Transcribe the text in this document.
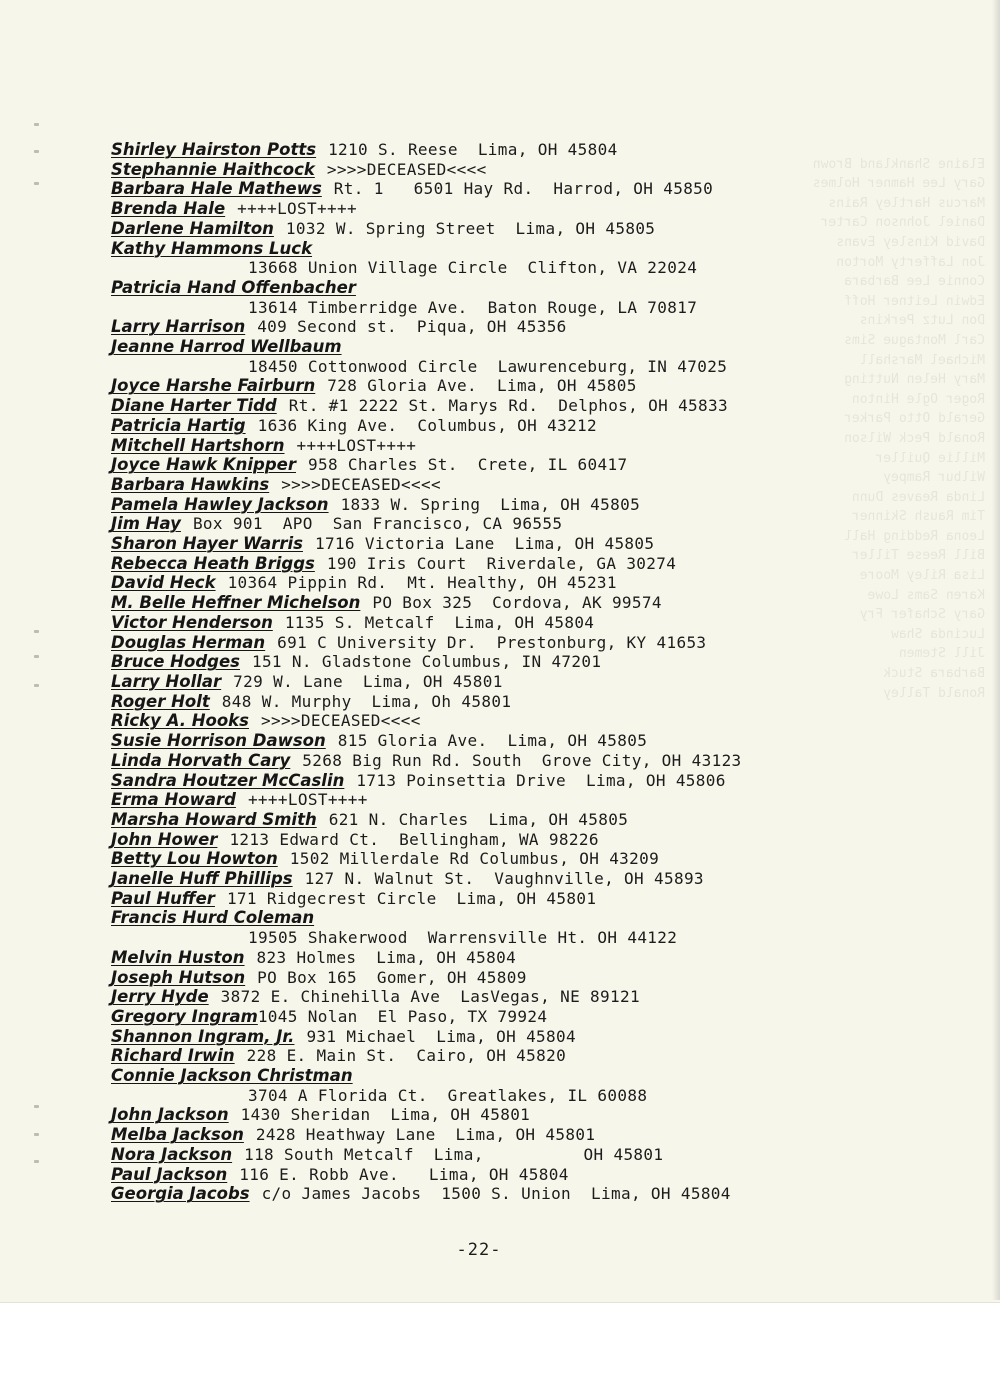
Elaine Shankland Brown
Gary Lee Hamner Holmes
Marcus Hartley Rains
Daniel Johnson Carter
David Kinsley Evans
Jon Lafferty Morton
Connie Lee Barbara
Edwin Leitner Hoff
Don Lutz Perkins
Carl Montague Sims
Michael Marshall
Mary Helen Nutting
Roger Ogle Hinton
Gerald Otto Parker
Ronald Peck Wilson
Millie Quiller
Wilbur Rampey
Linda Reaves Dunn
Tim Raush Skinner
Leona Redding Hall
Bill Reese Tiller
Lisa Riley Moore
Karen Sams Lowe
Gary Schafer Fry
Lucinda Shaw
Jill Stemen
Barbara Stuck
Ronald Talley

Shirley Hairston Potts 1210 S. Reese  Lima, OH 45804
Stephannie Haithcock >>>>DECEASED<<<<
Barbara Hale Mathews Rt. 1   6501 Hay Rd.  Harrod, OH 45850
Brenda Hale ++++LOST++++
Darlene Hamilton 1032 W. Spring Street  Lima, OH 45805
Kathy Hammons Luck
13668 Union Village Circle  Clifton, VA 22024
Patricia Hand Offenbacher
13614 Timberridge Ave.  Baton Rouge, LA 70817
Larry Harrison 409 Second st.  Piqua, OH 45356
Jeanne Harrod Wellbaum
18450 Cottonwood Circle  Lawurenceburg, IN 47025
Joyce Harshe Fairburn 728 Gloria Ave.  Lima, OH 45805
Diane Harter Tidd Rt. #1 2222 St. Marys Rd.  Delphos, OH 45833
Patricia Hartig 1636 King Ave.  Columbus, OH 43212
Mitchell Hartshorn ++++LOST++++
Joyce Hawk Knipper 958 Charles St.  Crete, IL 60417
Barbara Hawkins >>>>DECEASED<<<<
Pamela Hawley Jackson 1833 W. Spring  Lima, OH 45805
Jim Hay Box 901  APO  San Francisco, CA 96555
Sharon Hayer Warris 1716 Victoria Lane  Lima, OH 45805
Rebecca Heath Briggs 190 Iris Court  Riverdale, GA 30274
David Heck 10364 Pippin Rd.  Mt. Healthy, OH 45231
M. Belle Heffner Michelson PO Box 325  Cordova, AK 99574
Victor Henderson 1135 S. Metcalf  Lima, OH 45804
Douglas Herman 691 C University Dr.  Prestonburg, KY 41653
Bruce Hodges 151 N. Gladstone Columbus, IN 47201
Larry Hollar 729 W. Lane  Lima, OH 45801
Roger Holt 848 W. Murphy  Lima, Oh 45801
Ricky A. Hooks >>>>DECEASED<<<<
Susie Horrison Dawson 815 Gloria Ave.  Lima, OH 45805
Linda Horvath Cary 5268 Big Run Rd. South  Grove City, OH 43123
Sandra Houtzer McCaslin 1713 Poinsettia Drive  Lima, OH 45806
Erma Howard ++++LOST++++
Marsha Howard Smith 621 N. Charles  Lima, OH 45805
John Hower 1213 Edward Ct.  Bellingham, WA 98226
Betty Lou Howton 1502 Millerdale Rd Columbus, OH 43209
Janelle Huff Phillips 127 N. Walnut St.  Vaughnville, OH 45893
Paul Huffer 171 Ridgecrest Circle  Lima, OH 45801
Francis Hurd Coleman
19505 Shakerwood  Warrensville Ht. OH 44122
Melvin Huston 823 Holmes  Lima, OH 45804
Joseph Hutson PO Box 165  Gomer, OH 45809
Jerry Hyde 3872 E. Chinehilla Ave  LasVegas, NE 89121
Gregory Ingram1045 Nolan  El Paso, TX 79924
Shannon Ingram, Jr. 931 Michael  Lima, OH 45804
Richard Irwin 228 E. Main St.  Cairo, OH 45820
Connie Jackson Christman
3704 A Florida Ct.  Greatlakes, IL 60088
John Jackson 1430 Sheridan  Lima, OH 45801
Melba Jackson 2428 Heathway Lane  Lima, OH 45801
Nora Jackson 118 South Metcalf  Lima,          OH 45801
Paul Jackson 116 E. Robb Ave.   Lima, OH 45804
Georgia Jacobs c/o James Jacobs  1500 S. Union  Lima, OH 45804
-22-
